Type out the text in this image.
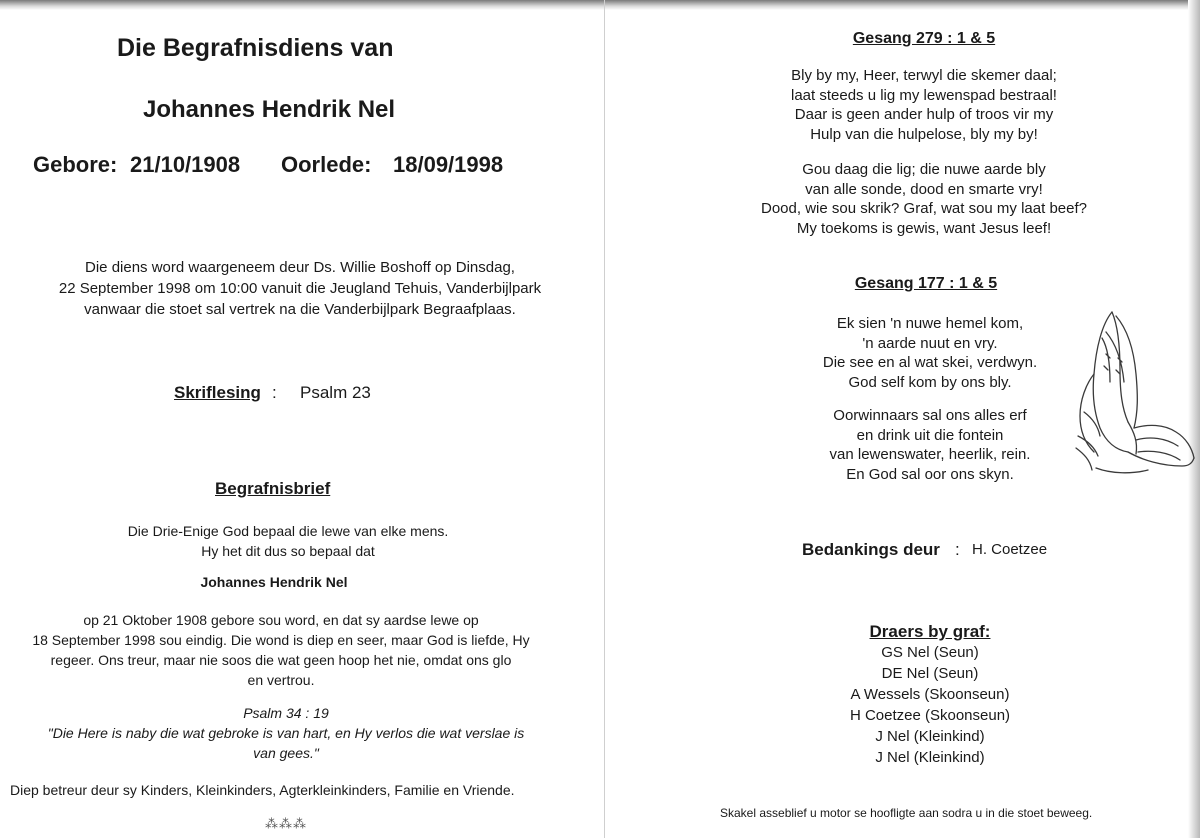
Die Begrafnisdiens van
Johannes Hendrik Nel
Gebore: 21/10/1908 Oorlede: 18/09/1998
Die diens word waargeneem deur Ds. Willie Boshoff op Dinsdag,
22 September 1998 om 10:00 vanuit die Jeugland Tehuis, Vanderbijlpark
vanwaar die stoet sal vertrek na die Vanderbijlpark Begraafplaas.
Skriflesing : Psalm 23
Begrafnisbrief
Die Drie-Enige God bepaal die lewe van elke mens.
Hy het dit dus so bepaal dat
Johannes Hendrik Nel
op 21 Oktober 1908 gebore sou word, en dat sy aardse lewe op
18 September 1998 sou eindig. Die wond is diep en seer, maar God is liefde, Hy
regeer. Ons treur, maar nie soos die wat geen hoop het nie, omdat ons glo
en vertrou.
Psalm 34 : 19
"Die Here is naby die wat gebroke is van hart, en Hy verlos die wat verslae is
van gees."
Diep betreur deur sy Kinders, Kleinkinders, Agterkleinkinders, Familie en Vriende.
⁂⁂⁂
Gesang 279 : 1 & 5
Bly by my, Heer, terwyl die skemer daal;
laat steeds u lig my lewenspad bestraal!
Daar is geen ander hulp of troos vir my
Hulp van die hulpelose, bly my by!
Gou daag die lig; die nuwe aarde bly
van alle sonde, dood en smarte vry!
Dood, wie sou skrik? Graf, wat sou my laat beef?
My toekoms is gewis, want Jesus leef!
Gesang 177 : 1 & 5
Ek sien 'n nuwe hemel kom,
'n aarde nuut en vry.
Die see en al wat skei, verdwyn.
God self kom by ons bly.
Oorwinnaars sal ons alles erf
en drink uit die fontein
van lewenswater, heerlik, rein.
En God sal oor ons skyn.
Bedankings deur : H. Coetzee
Draers by graf:
GS Nel (Seun)
DE Nel (Seun)
A Wessels (Skoonseun)
H Coetzee (Skoonseun)
J Nel (Kleinkind)
J Nel (Kleinkind)
Skakel asseblief u motor se hoofligte aan sodra u in die stoet beweeg.
